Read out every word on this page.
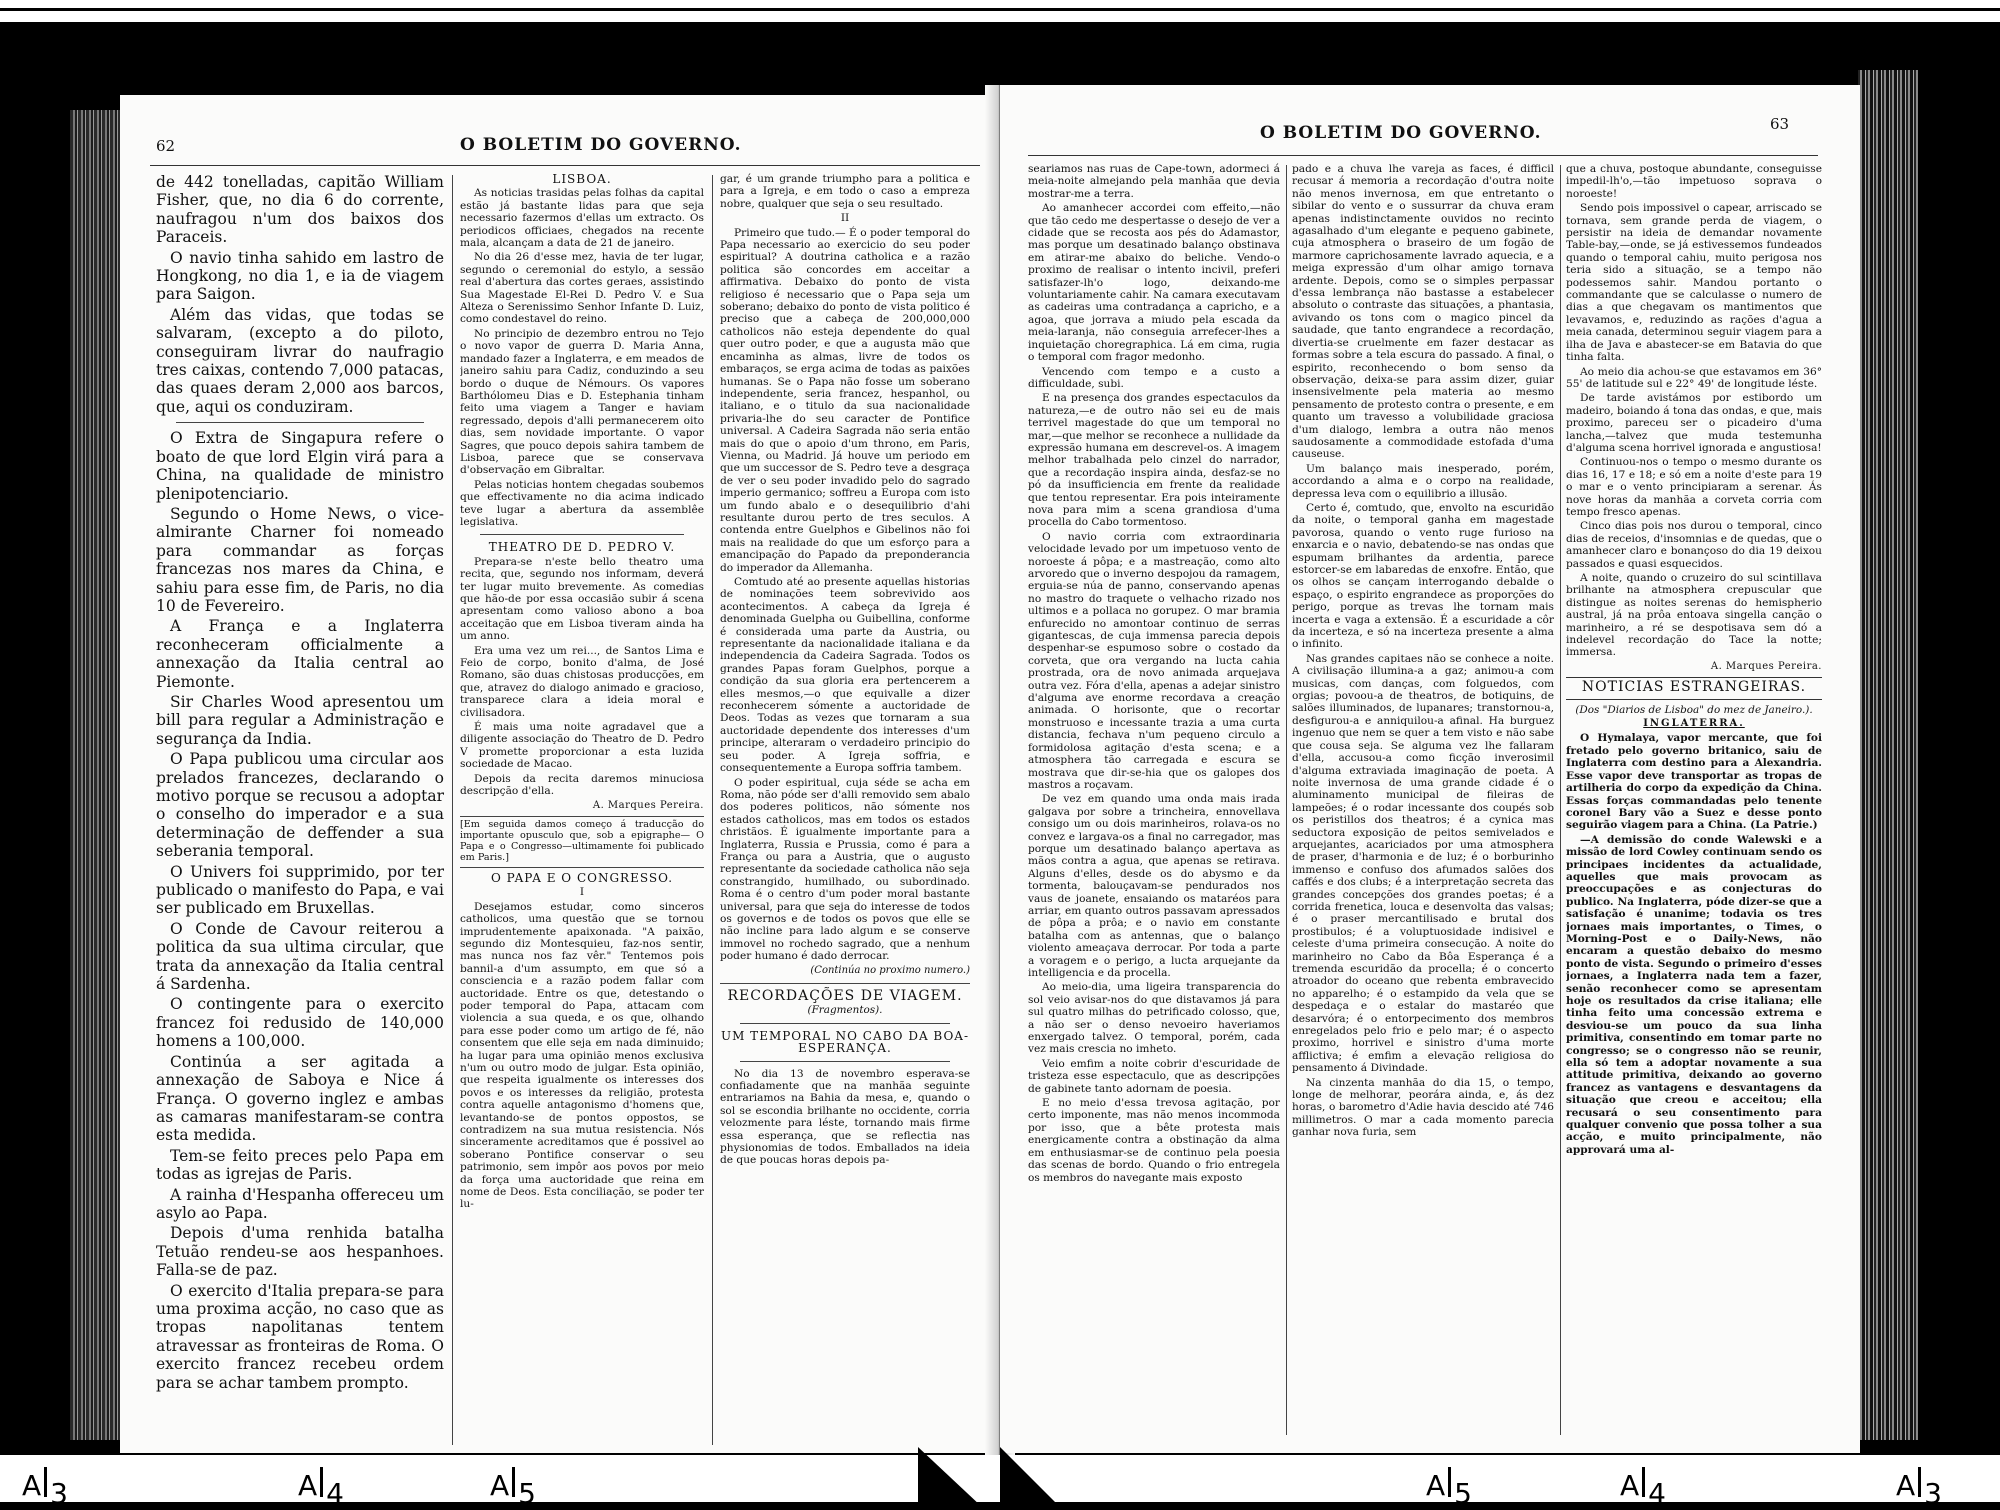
62	O BOLETIM DO GOVERNO.

de 442 tonelladas, capitão William Fisher, que, no dia 6 do corrente, naufragou n'um dos baixos dos Paraceis.

O navio tinha sahido em lastro de Hongkong, no dia 1, e ia de viagem para Saigon.

Além das vidas, que todas se salvaram, (excepto a do piloto, conseguiram livrar do naufragio tres caixas, contendo 7,000 patacas, das quaes deram 2,000 aos barcos, que, aqui os conduziram.

O Extra de Singapura refere o boato de que lord Elgin virá para a China, na qualidade de ministro plenipotenciario.

Segundo o Home News, o vice-almirante Charner foi nomeado para commandar as forças francezas nos mares da China, e sahiu para esse fim, de Paris, no dia 10 de Fevereiro.

A França e a Inglaterra reconheceram officialmente a annexação da Italia central ao Piemonte.

Sir Charles Wood apresentou um bill para regular a Administração e segurança da India.

O Papa publicou uma circular aos prelados francezes, declarando o motivo porque se recusou a adoptar o conselho do imperador e a sua determinação de deffender a sua seberania temporal.

O Univers foi supprimido, por ter publicado o manifesto do Papa, e vai ser publicado em Bruxellas.

O Conde de Cavour reiterou a politica da sua ultima circular, que trata da annexação da Italia central á Sardenha.

O contingente para o exercito francez foi redusido de 140,000 homens a 100,000.

Continúa a ser agitada a annexação de Saboya e Nice á França. O governo inglez e ambas as camaras manifestaram-se contra esta medida.

Tem-se feito preces pelo Papa em todas as igrejas de Paris.

A rainha d'Hespanha offereceu um asylo ao Papa.

Depois d'uma renhida batalha Tetuão rendeu-se aos hespanhoes. Falla-se de paz.

O exercito d'Italia prepara-se para uma proxima acção, no caso que as tropas napolitanas tentem atravessar as fronteiras de Roma. O exercito francez recebeu ordem para se achar tambem prompto.

LISBOA.

As noticias trasidas pelas folhas da capital estão já bastante lidas para que seja necessario fazermos d'ellas um extracto. Os periodicos officiaes, chegados na recente mala, alcançam a data de 21 de janeiro.

No dia 26 d'esse mez, havia de ter lugar, segundo o ceremonial do estylo, a sessão real d'abertura das cortes geraes, assistindo Sua Magestade El-Rei D. Pedro V. e Sua Alteza o Serenissimo Senhor Infante D. Luiz, como condestavel do reino.

No principio de dezembro entrou no Tejo o novo vapor de guerra D. Maria Anna, mandado fazer a Inglaterra, e em meados de janeiro sahiu para Cadiz, conduzindo a seu bordo o duque de Némours. Os vapores Barthólomeu Dias e D. Estephania tinham feito uma viagem a Tanger e haviam regressado, depois d'alli permanecerem oito dias, sem novidade importante. O vapor Sagres, que pouco depois sahira tambem de Lisboa, parece que se conservava d'observação em Gibraltar.

Pelas noticias hontem chegadas soubemos que effectivamente no dia acima indicado teve lugar a abertura da assemblêe legislativa.

THEATRO DE D. PEDRO V.

Prepara-se n'este bello theatro uma recita, que, segundo nos informam, deverá ter lugar muito brevemente. As comedias que hão-de por essa occasião subir á scena apresentam como valioso abono a boa acceitação que em Lisboa tiveram ainda ha um anno.

Era uma vez um rei..., de Santos Lima e Feio de corpo, bonito d'alma, de José Romano, são duas chistosas producções, em que, atravez do dialogo animado e gracioso, transparece clara a ideia moral e civilisadora.

É mais uma noite agradavel que a diligente associação do Theatro de D. Pedro V promette proporcionar a esta luzida sociedade de Macao.

Depois da recita daremos minuciosa descripção d'ella.

A. Marques Pereira.

[Em seguida damos começo á traducção do importante opusculo que, sob a epigraphe— O Papa e o Congresso—ultimamente foi publicado em Paris.]

O PAPA E O CONGRESSO.

I

Desejamos estudar, como sinceros catholicos, uma questão que se tornou imprudentemente apaixonada. "A paixão, segundo diz Montesquieu, faz-nos sentir, mas nunca nos faz vêr." Tentemos pois bannil-a d'um assumpto, em que só a consciencia e a razão podem fallar com auctoridade. Entre os que, detestando o poder temporal do Papa, attacam com violencia a sua queda, e os que, olhando para esse poder como um artigo de fé, não consentem que elle seja em nada diminuido; ha lugar para uma opinião menos exclusiva n'um ou outro modo de julgar. Esta opinião, que respeita igualmente os interesses dos povos e os interesses da religião, protesta contra aquelle antagonismo d'homens que, levantando-se de pontos oppostos, se contradizem na sua mutua resistencia. Nós sinceramente acreditamos que é possivel ao soberano Pontifice conservar o seu patrimonio, sem impôr aos povos por meio da força uma auctoridade que reina em nome de Deos. Esta conciliação, se poder ter lu-

gar, é um grande triumpho para a politica e para a Igreja, e em todo o caso a empreza nobre, qualquer que seja o seu resultado.

II

Primeiro que tudo.— É o poder temporal do Papa necessario ao exercicio do seu poder espiritual? A doutrina catholica e a razão politica são concordes em acceitar a affirmativa. Debaixo do ponto de vista religioso é necessario que o Papa seja um soberano; debaixo do ponto de vista politico é preciso que a cabeça de 200,000,000 catholicos não esteja dependente do qual quer outro poder, e que a augusta mão que encaminha as almas, livre de todos os embaraços, se erga acima de todas as paixões humanas. Se o Papa não fosse um soberano independente, seria francez, hespanhol, ou italiano, e o titulo da sua nacionalidade privaria-lhe do seu caracter de Pontifice universal. A Cadeira Sagrada não seria então mais do que o apoio d'um throno, em Paris, Vienna, ou Madrid. Já houve um periodo em que um successor de S. Pedro teve a desgraça de ver o seu poder invadido pelo do sagrado imperio germanico; soffreu a Europa com isto um fundo abalo e o desequilibrio d'ahi resultante durou perto de tres seculos. A contenda entre Guelphos e Gibelinos não foi mais na realidade do que um esforço para a emancipação do Papado da preponderancia do imperador da Allemanha.

Comtudo até ao presente aquellas historias de nominações teem sobrevivido aos acontecimentos. A cabeça da Igreja é denominada Guelpha ou Guibellina, conforme é considerada uma parte da Austria, ou representante da nacionalidade italiana e da independencia da Cadeira Sagrada. Todos os grandes Papas foram Guelphos, porque a condição da sua gloria era pertencerem a elles mesmos,—o que equivalle a dizer reconhecerem sómente a auctoridade de Deos. Todas as vezes que tornaram a sua auctoridade dependente dos interesses d'um principe, alteraram o verdadeiro principio do seu poder. A Igreja soffria, e consequentemente a Europa soffria tambem.

O poder espiritual, cuja séde se acha em Roma, não póde ser d'alli removido sem abalo dos poderes politicos, não sómente nos estados catholicos, mas em todos os estados christãos. É igualmente importante para a Inglaterra, Russia e Prussia, como é para a França ou para a Austria, que o augusto representante da sociedade catholica não seja constrangido, humilhado, ou subordinado. Roma é o centro d'um poder moral bastante universal, para que seja do interesse de todos os governos e de todos os povos que elle se não incline para lado algum e se conserve immovel no rochedo sagrado, que a nenhum poder humano é dado derrocar.

(Continúa no proximo numero.)

RECORDAÇÕES DE VIAGEM.

(Fragmentos).

UM TEMPORAL NO CABO DA BOA-ESPERANÇA.

No dia 13 de novembro esperava-se confiadamente que na manhãa seguinte entrariamos na Bahia da mesa, e, quando o sol se escondia brilhante no occidente, corria velozmente para léste, tornando mais firme essa esperança, que se reflectia nas physionomias de todos. Emballados na ideia de que poucas horas depois pa-

63
O BOLETIM DO GOVERNO.

seariamos nas ruas de Cape-town, adormeci á meia-noite almejando pela manhãa que devia mostrar-me a terra.

Ao amanhecer accordei com effeito,—não que tão cedo me despertasse o desejo de ver a cidade que se recosta aos pés do Adamastor, mas porque um desatinado balanço obstinava em atirar-me abaixo do beliche. Vendo-o proximo de realisar o intento incivil, preferi satisfazer-lh'o logo, deixando-me voluntariamente cahir. Na camara executavam as cadeiras uma contradança a capricho, e a agoa, que jorrava a miudo pela escada da meia-laranja, não conseguia arrefecer-lhes a inquietação choregraphica. Lá em cima, rugia o temporal com fragor medonho.

Vencendo com tempo e a custo a difficuldade, subi.

E na presença dos grandes espectaculos da natureza,—e de outro não sei eu de mais terrivel magestade do que um temporal no mar,—que melhor se reconhece a nullidade da expressão humana em descrevel-os. A imagem melhor trabalhada pelo cinzel do narrador, que a recordação inspira ainda, desfaz-se no pó da insufficiencia em frente da realidade que tentou representar. Era pois inteiramente nova para mim a scena grandiosa d'uma procella do Cabo tormentoso.

O navio corria com extraordinaria velocidade levado por um impetuoso vento de noroeste á pôpa; e a mastreação, como alto arvoredo que o inverno despojou da ramagem, erguia-se núa de panno, conservando apenas no mastro do traquete o velhacho rizado nos ultimos e a pollaca no gorupez. O mar bramia enfurecido no amontoar continuo de serras gigantescas, de cuja immensa parecia depois despenhar-se espumoso sobre o costado da corveta, que ora vergando na lucta cahia prostrada, ora de novo animada arquejava outra vez. Fóra d'ella, apenas a adejar sinistro d'alguma ave enorme recordava a creação animada. O horisonte, que o recortar monstruoso e incessante trazia a uma curta distancia, fechava n'um pequeno circulo a formidolosa agitação d'esta scena; e a atmosphera tão carregada e escura se mostrava que dir-se-hia que os galopes dos mastros a roçavam.

De vez em quando uma onda mais irada galgava por sobre a trincheira, ennovellava consigo um ou dois marinheiros, rolava-os no convez e largava-os a final no carregador, mas porque um desatinado balanço apertava as mãos contra a agua, que apenas se retirava. Alguns d'elles, desde os do abysmo e da tormenta, balouçavam-se pendurados nos vaus de joanete, ensaiando os mataréos para arriar, em quanto outros passavam apressados de pôpa a prôa; e o navio em constante batalha com as antennas, que o balanço violento ameaçava derrocar. Por toda a parte a voragem e o perigo, a lucta arquejante da intelligencia e da procella.

Ao meio-dia, uma ligeira transparencia do sol veio avisar-nos do que distavamos já para sul quatro milhas do petrificado colosso, que, a não ser o denso nevoeiro haveriamos enxergado talvez. O temporal, porém, cada vez mais crescia no imheto.

Veio emfim a noite cobrir d'escuridade de tristeza esse espectaculo, que as descripções de gabinete tanto adornam de poesia.

E no meio d'essa trevosa agitação, por certo imponente, mas não menos incommoda por isso, que a bête protesta mais energicamente contra a obstinação da alma em enthusiasmar-se de continuo pela poesia das scenas de bordo. Quando o frio entregela os membros do navegante mais exposto

pado e a chuva lhe vareja as faces, é difficil recusar á memoria a recordação d'outra noite não menos invernosa, em que entretanto o sibilar do vento e o sussurrar da chuva eram apenas indistinctamente ouvidos no recinto agasalhado d'um elegante e pequeno gabinete, cuja atmosphera o braseiro de um fogão de marmore caprichosamente lavrado aquecia, e a meiga expressão d'um olhar amigo tornava ardente. Depois, como se o simples perpassar d'essa lembrança não bastasse a estabelecer absoluto o contraste das situações, a phantasia, avivando os tons com o magico pincel da saudade, que tanto engrandece a recordação, divertia-se cruelmente em fazer destacar as formas sobre a tela escura do passado. A final, o espirito, reconhecendo o bom senso da observação, deixa-se para assim dizer, guiar insensivelmente pela materia ao mesmo pensamento de protesto contra o presente, e em quanto um travesso a volubilidade graciosa d'um dialogo, lembra a outra não menos saudosamente a commodidade estofada d'uma causeuse.

Um balanço mais inesperado, porém, accordando a alma e o corpo na realidade, depressa leva com o equilibrio a illusão.

Certo é, comtudo, que, envolto na escuridão da noite, o temporal ganha em magestade pavorosa, quando o vento ruge furioso na enxarcia e o navio, debatendo-se nas ondas que espumam brilhantes da ardentia, parece estorcer-se em labaredas de enxofre. Então, que os olhos se cançam interrogando debalde o espaço, o espirito engrandece as proporções do perigo, porque as trevas lhe tornam mais incerta e vaga a extensão. É a escuridade a côr da incerteza, e só na incerteza presente a alma o infinito.

Nas grandes capitaes não se conhece a noite. A civilisação illumina-a a gaz; animou-a com musicas, com danças, com folguedos, com orgias; povoou-a de theatros, de botiquins, de salões illuminados, de lupanares; transtornou-a, desfigurou-a e anniquilou-a afinal. Ha burguez ingenuo que nem se quer a tem visto e não sabe que cousa seja. Se alguma vez lhe fallaram d'ella, accusou-a como ficção inverosimil d'alguma extraviada imaginação de poeta. A noite invernosa de uma grande cidade é o aluminamento municipal de fileiras de lampeões; é o rodar incessante dos coupés sob os peristillos dos theatros; é a cynica mas seductora exposição de peitos semivelados e arquejantes, acariciados por uma atmosphera de praser, d'harmonia e de luz; é o borburinho immenso e confuso dos afumados salões dos caffés e dos clubs; é a interpretação secreta das grandes concepções dos grandes poetas; é a corrida frenetica, louca e desenvolta das valsas; é o praser mercantilisado e brutal dos prostibulos; é a voluptuosidade indisivel e celeste d'uma primeira consecução. A noite do marinheiro no Cabo da Bôa Esperança é a tremenda escuridão da procella; é o concerto atroador do oceano que rebenta embravecido no apparelho; é o estampido da vela que se despedaça e o estalar do mastaréo que desarvóra; é o entorpecimento dos membros enregelados pelo frio e pelo mar; é o aspecto proximo, horrivel e sinistro d'uma morte afflictiva; é emfim a elevação religiosa do pensamento á Divindade.

Na cinzenta manhãa do dia 15, o tempo, longe de melhorar, peorára ainda, e, ás dez horas, o barometro d'Adie havia descido até 746 millimetros. O mar a cada momento parecia ganhar nova furia, sem

que a chuva, postoque abundante, conseguisse impedil-lh'o,—tão impetuoso soprava o noroeste!

Sendo pois impossivel o capear, arriscado se tornava, sem grande perda de viagem, o persistir na ideia de demandar novamente Table-bay,—onde, se já estivessemos fundeados quando o temporal cahiu, muito perigosa nos teria sido a situação, se a tempo não podessemos sahir. Mandou portanto o commandante que se calculasse o numero de dias a que chegavam os mantimentos que levavamos, e, reduzindo as rações d'agua a meia canada, determinou seguir viagem para a ilha de Java e abastecer-se em Batavia do que tinha falta.

Ao meio dia achou-se que estavamos em 36° 55' de latitude sul e 22° 49' de longitude léste.

De tarde avistámos por estibordo um madeiro, boiando á tona das ondas, e que, mais proximo, pareceu ser o picadeiro d'uma lancha,—talvez que muda testemunha d'alguma scena horrivel ignorada e angustiosa!

Continuou-nos o tempo o mesmo durante os dias 16, 17 e 18; e só em a noite d'este para 19 o mar e o vento principiaram a serenar. Ás nove horas da manhãa a corveta corria com tempo fresco apenas.

Cinco dias pois nos durou o temporal, cinco dias de receios, d'insomnias e de quedas, que o amanhecer claro e bonançoso do dia 19 deixou passados e quasi esquecidos.

A noite, quando o cruzeiro do sul scintillava brilhante na atmosphera crepuscular que distingue as noites serenas do hemispherio austral, já na prôa entoava singella canção o marinheiro, a ré se despotisava sem dó a indelevel recordação do Tace la notte; immersa.

A. Marques Pereira.

NOTICIAS ESTRANGEIRAS.

(Dos "Diarios de Lisboa" do mez de Janeiro.).

INGLATERRA.

O Hymalaya, vapor mercante, que foi fretado pelo governo britanico, saiu de Inglaterra com destino para a Alexandria. Esse vapor deve transportar as tropas de artilheria do corpo da expedição da China. Essas forças commandadas pelo tenente coronel Bary vão a Suez e desse ponto seguirão viagem para a China. (La Patrie.)

—A demissão do conde Walewski e a missão de lord Cowley continuam sendo os principaes incidentes da actualidade, aquelles que mais provocam as preoccupações e as conjecturas do publico. Na Inglaterra, póde dizer-se que a satisfação é unanime; todavia os tres jornaes mais importantes, o Times, o Morning-Post e o Daily-News, não encaram a questão debaixo do mesmo ponto de vista. Segundo o primeiro d'esses jornaes, a Inglaterra nada tem a fazer, senão reconhecer como se apresentam hoje os resultados da crise italiana; elle tinha feito uma concessão extrema e desviou-se um pouco da sua linha primitiva, consentindo em tomar parte no congresso; se o congresso não se reunir, ella só tem a adoptar novamente a sua attitude primitiva, deixando ao governo francez as vantagens e desvantagens da situação que creou e acceitou; ella recusará o seu consentimento para qualquer convenio que possa tolher a sua acção, e muito principalmente, não approvará uma al-

A 3	A 4	A 5	A 5	A 4	A 3
